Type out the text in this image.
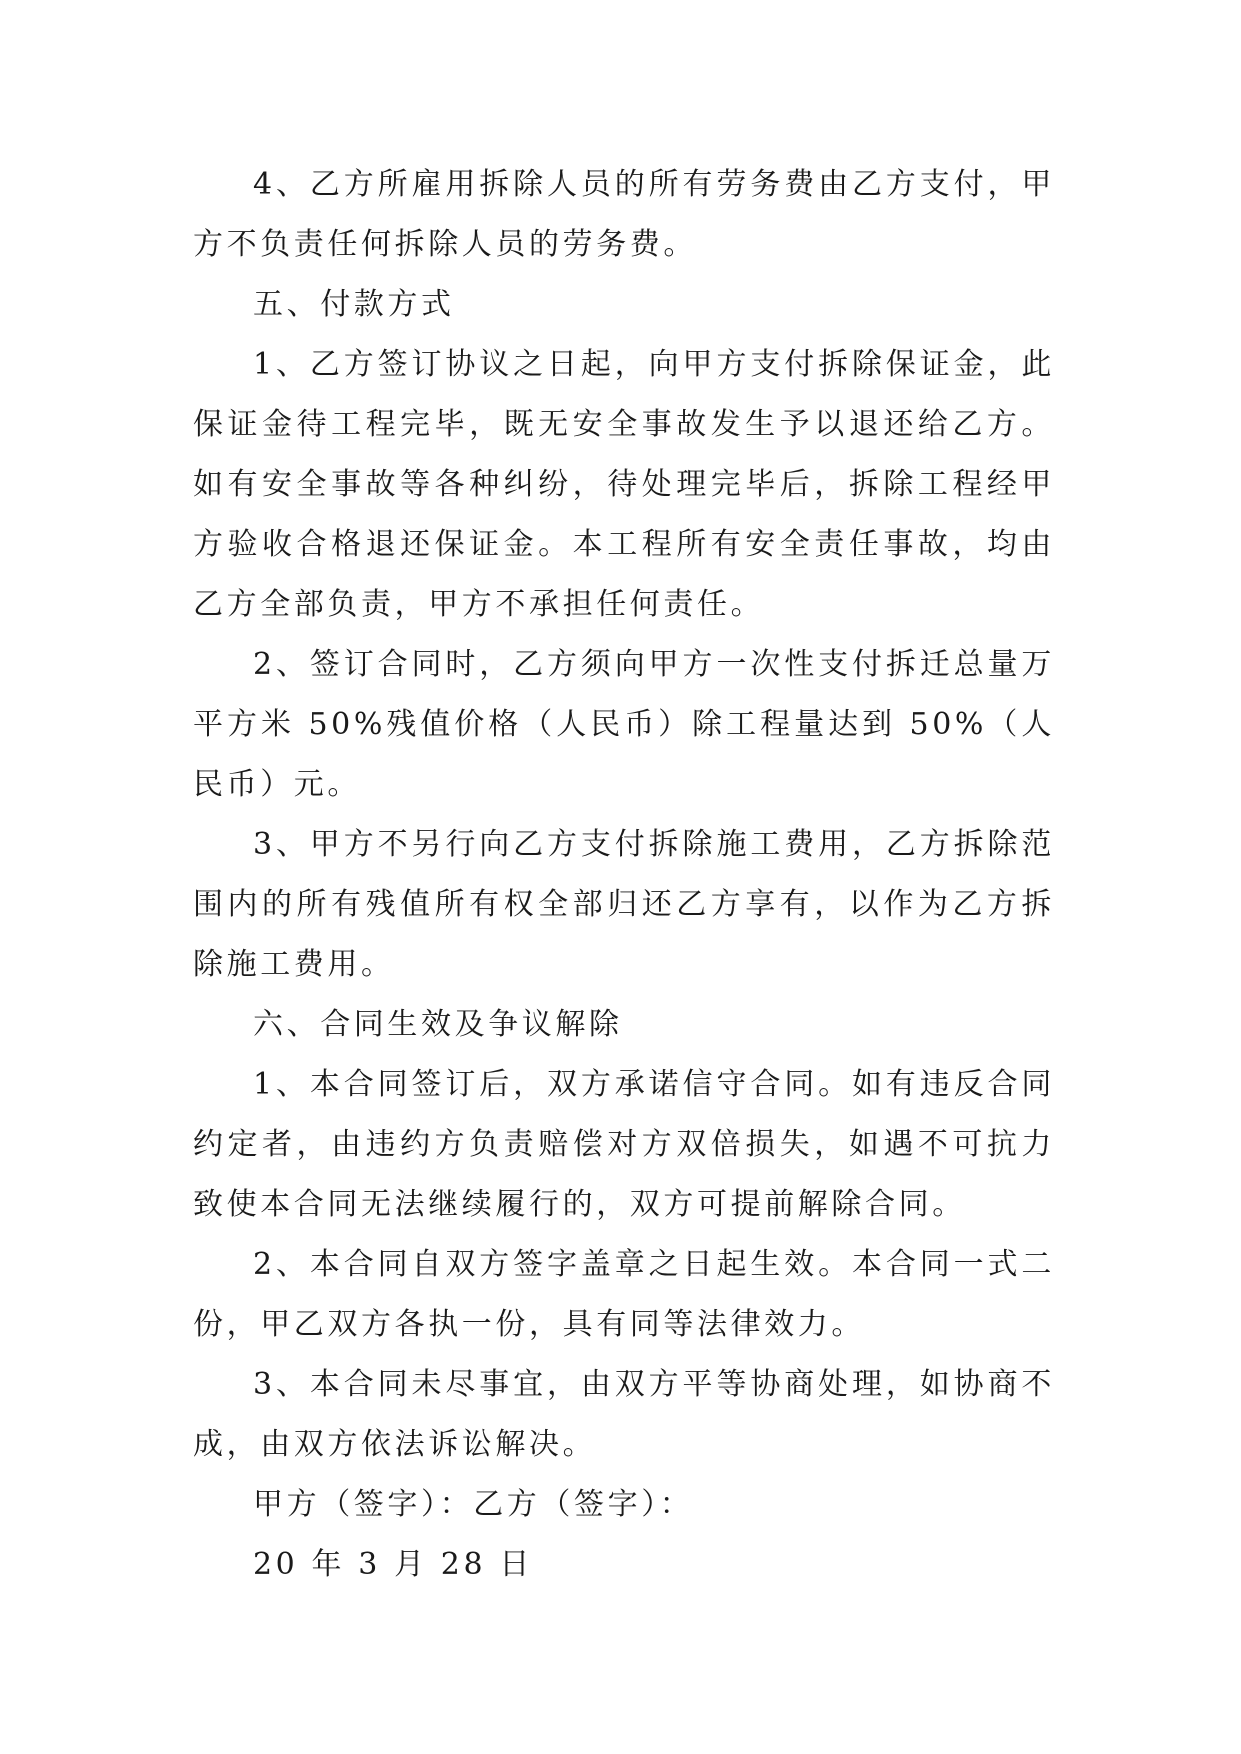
4、乙方所雇用拆除人员的所有劳务费由乙方支付，甲方不负责任何拆除人员的劳务费。

五、付款方式

1、乙方签订协议之日起，向甲方支付拆除保证金，此保证金待工程完毕，既无安全事故发生予以退还给乙方。如有安全事故等各种纠纷，待处理完毕后，拆除工程经甲方验收合格退还保证金。本工程所有安全责任事故，均由乙方全部负责，甲方不承担任何责任。

2、签订合同时，乙方须向甲方一次性支付拆迁总量万平方米 50%残值价格（人民币）除工程量达到 50%（人民币）元。

3、甲方不另行向乙方支付拆除施工费用，乙方拆除范围内的所有残值所有权全部归还乙方享有，以作为乙方拆除施工费用。

六、合同生效及争议解除

1、本合同签订后，双方承诺信守合同。如有违反合同约定者，由违约方负责赔偿对方双倍损失，如遇不可抗力致使本合同无法继续履行的，双方可提前解除合同。

2、本合同自双方签字盖章之日起生效。本合同一式二份，甲乙双方各执一份，具有同等法律效力。

3、本合同未尽事宜，由双方平等协商处理，如协商不成，由双方依法诉讼解决。

甲方（签字）：乙方（签字）：

20 年 3 月 28 日
